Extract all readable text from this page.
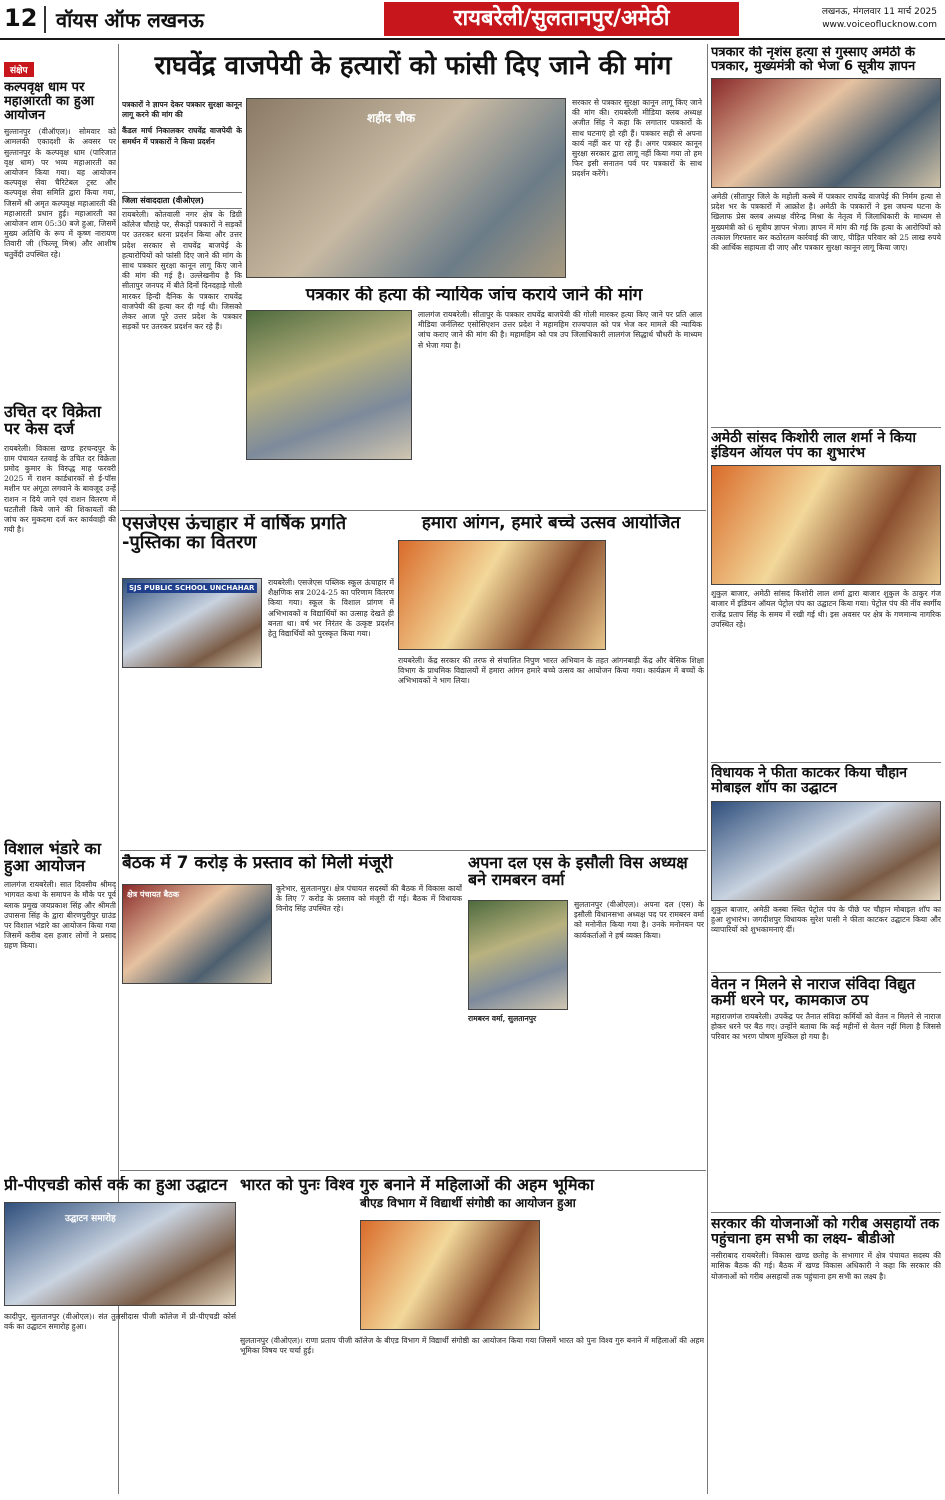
12 वॉयस ऑफ लखनऊ	रायबरेली/सुलतानपुर/अमेठी	लखनऊ, मंगलवार 11 मार्च 2025
www.voiceoflucknow.com
संक्षेप
कल्पवृक्ष धाम पर महाआरती का हुआ आयोजन
सुल्तानपुर (वीऑएल)। सोमवार को आमलकी एकादशी के अवसर पर सुल्तानपुर के कल्पवृक्ष धाम (पारिजात वृक्ष धाम) पर भव्य महाआरती का आयोजन किया गया। यह आयोजन कल्पवृक्ष सेवा चैरिटेबल ट्रस्ट और कल्पवृक्ष सेवा समिति द्वारा किया गया, जिसमें श्री अमृत कल्पवृक्ष महाआरती की महाआरती प्रधान हुई। महाआरती का आयोजन शाम 05:30 बजे हुआ, जिसमें मुख्य अतिथि के रूप में कृष्ण नारायण तिवारी जी (फिल्लू मिश्र) और आशीष चतुर्वेदी उपस्थित रहे।
उचित दर विक्रेता पर केस दर्ज
रायबरेली। विकास खण्ड हरचन्दपुर के ग्राम पंचायत रतवाई के उचित दर विक्रेता प्रमोद कुमार के विरुद्ध माह फरवरी 2025 में राशन कार्डधारकों से ई-पॉस मशीन पर अंगूठा लगवाने के बावजूद उन्हें राशन न दिये जाने एवं राशन वितरण में घटतौली किये जाने की शिकायतों की जांच कर मुकदमा दर्ज कर कार्यवाही की गयी है।
विशाल भंडारे का हुआ आयोजन
लालगंज रायबरेली। सात दिवसीय श्रीमद् भागवत कथा के समापन के मौके पर पूर्व ब्लाक प्रमुख जयप्रकाश सिंह और श्रीमती उपासना सिंह के द्वारा बीरणपुरीपुर ग्राउंड पर विशाल भंडारे का आयोजन किया गया जिसमें करीब दस हजार लोगों ने प्रसाद ग्रहण किया।
राघवेंद्र वाजपेयी के हत्यारों को फांसी दिए जाने की मांग
पत्रकारों ने ज्ञापन देकर पत्रकार सुरक्षा कानून लागू करने की मांग की
कैंडल मार्च निकालकर राघवेंद्र वाजपेयी के समर्थन में पत्रकारों ने किया प्रदर्शन
जिला संवाददाता (वीओएल)
शहीद चौक
रायबरेली। कोतवाली नगर क्षेत्र के डिग्री कॉलेज चौराहे पर, सैकड़ों पत्रकारों ने सड़कों पर उतरकर धरना प्रदर्शन किया और उत्तर प्रदेश सरकार से राघवेंद्र बाजपेई के हत्यारोपियों को फांसी दिए जाने की मांग के साथ पत्रकार सुरक्षा कानून लागू किए जाने की मांग की गई है। उल्लेखनीय है कि सीतापुर जनपद में बीते दिनों दिनदहाड़े गोली मारकर हिन्दी दैनिक के पत्रकार राघवेंद्र वाजपेयी की हत्या कर दी गई थी। जिसको लेकर आज पूरे उत्तर प्रदेश के पत्रकार सड़कों पर उतरकर प्रदर्शन कर रहे हैं।
सरकार से पत्रकार सुरक्षा कानून लागू किए जाने की मांग की। रायबरेली मीडिया क्लब अध्यक्ष अजीत सिंह ने कहा कि लगातार पत्रकारों के साथ घटनाएं हो रही हैं। पत्रकार सही से अपना कार्य नहीं कर पा रहे हैं। अगर पत्रकार कानून सुरक्षा सरकार द्वारा लागू नहीं किया गया तो हम फिर इसी सनातन पर्व पर पत्रकारों के साथ प्रदर्शन करेंगे।
पत्रकार की हत्या की न्यायिक जांच कराये जाने की मांग
लालगंज रायबरेली। सीतापुर के पत्रकार राघवेंद्र बाजपेयी की गोली मारकर हत्या किए जाने पर प्रति आल मीडिया जर्नलिस्ट एसोसिएशन उत्तर प्रदेश ने महामहिम राज्यपाल को पत्र भेज कर मामले की न्यायिक जांच कराए जाने की मांग की है। महामहिम को पत्र उप जिलाधिकारी लालगंज सिद्धार्थ चौधरी के माध्यम से भेजा गया है।
पत्रकार की नृशंस हत्या से गुस्साए अमेठी के पत्रकार, मुख्यमंत्री को भेजा 6 सूत्रीय ज्ञापन
अमेठी (सीतापुर जिले के महोली कस्बे में पत्रकार राघवेंद्र वाजपेई की निर्मम हत्या से प्रदेश भर के पत्रकारों में आक्रोश है। अमेठी के पत्रकारों ने इस जघन्य घटना के खिलाफ प्रेस क्लब अध्यक्ष वीरेन्द्र मिश्रा के नेतृत्व में जिलाधिकारी के माध्यम से मुख्यमंत्री को 6 सूत्रीय ज्ञापन भेजा। ज्ञापन में मांग की गई कि हत्या के आरोपियों को तत्काल गिरफ्तार कर कठोरतम कार्रवाई की जाए, पीड़ित परिवार को 25 लाख रुपये की आर्थिक सहायता दी जाए और पत्रकार सुरक्षा कानून लागू किया जाए।
अमेठी सांसद किशोरी लाल शर्मा ने किया इंडियन ऑयल पंप का शुभारंभ
शुकुल बाजार, अमेठी सांसद किशोरी लाल शर्मा द्वारा बाजार शुकुल के ठाकुर गंज बाजार में इंडियन ऑयल पेट्रोल पंप का उद्घाटन किया गया। पेट्रोल पंप की नींव स्वर्गीय राजेंद्र प्रताप सिंह के समय में रखी गई थी। इस अवसर पर क्षेत्र के गणमान्य नागरिक उपस्थित रहे।
विधायक ने फीता काटकर किया चौहान मोबाइल शॉप का उद्घाटन
शुकुल बाजार, अमेठी कस्बा स्थित पेट्रोल पंप के पीछे पर चौहान मोबाइल शॉप का हुआ शुभारंभ। जगदीशपुर विधायक सुरेश पासी ने फीता काटकर उद्घाटन किया और व्यापारियों को शुभकामनाएं दीं।
वेतन न मिलने से नाराज संविदा विद्युत कर्मी धरने पर, कामकाज ठप
महाराजगंज रायबरेली। उपकेंद्र पर तैनात संविदा कर्मियों को वेतन न मिलने से नाराज होकर धरने पर बैठ गए। उन्होंने बताया कि कई महीनों से वेतन नहीं मिला है जिससे परिवार का भरण पोषण मुश्किल हो गया है।
सरकार की योजनाओं को गरीब असहायों तक पहुंचाना हम सभी का लक्ष्य- बीडीओ
नसीराबाद रायबरेली। विकास खण्ड छतोह के सभागार में क्षेत्र पंचायत सदस्य की मासिक बैठक की गई। बैठक में खण्ड विकास अधिकारी ने कहा कि सरकार की योजनाओं को गरीब असहायों तक पहुंचाना हम सभी का लक्ष्य है।
एसजेएस ऊंचाहार में वार्षिक प्रगति -पुस्तिका का वितरण
SJS PUBLIC SCHOOL UNCHAHAR
रायबरेली। एसजेएस पब्लिक स्कूल ऊंचाहार में शैक्षणिक सत्र 2024-25 का परिणाम वितरण किया गया। स्कूल के विशाल प्रांगण में अभिभावकों व विद्यार्थियों का उत्साह देखते ही बनता था। वर्ष भर निरंतर के उत्कृष्ट प्रदर्शन हेतु विद्यार्थियों को पुरस्कृत किया गया।
हमारा आंगन, हमारे बच्चे उत्सव आयोजित
रायबरेली। केंद्र सरकार की तरफ से संचालित निपुण भारत अभियान के तहत आंगनबाड़ी केंद्र और बेसिक शिक्षा विभाग के प्राथमिक विद्यालयों में हमारा आंगन हमारे बच्चे उत्सव का आयोजन किया गया। कार्यक्रम में बच्चों के अभिभावकों ने भाग लिया।
बैठक में 7 करोड़ के प्रस्ताव को मिली मंजूरी
क्षेत्र पंचायत बैठक
कूरेभार, सुलतानपुर। क्षेत्र पंचायत सदस्यों की बैठक में विकास कार्यों के लिए 7 करोड़ के प्रस्ताव को मंजूरी दी गई। बैठक में विधायक विनोद सिंह उपस्थित रहे।
अपना दल एस के इसौली विस अध्यक्ष बने रामबरन वर्मा
रामबरन वर्मा, सुलतानपुर
सुलतानपुर (वीओएल)। अपना दल (एस) के इसौली विधानसभा अध्यक्ष पद पर रामबरन वर्मा को मनोनीत किया गया है। उनके मनोनयन पर कार्यकर्ताओं ने हर्ष व्यक्त किया।
प्री-पीएचडी कोर्स वर्क का हुआ उद्घाटन
उद्घाटन समारोह
कादीपुर, सुलतानपुर (वीओएल)। संत तुलसीदास पीजी कॉलेज में प्री-पीएचडी कोर्स वर्क का उद्घाटन समारोह हुआ।
भारत को पुनः विश्व गुरु बनाने में महिलाओं की अहम भूमिका
बीएड विभाग में विद्यार्थी संगोष्ठी का आयोजन हुआ
सुलतानपुर (वीओएल)। राणा प्रताप पीजी कॉलेज के बीएड विभाग में विद्यार्थी संगोष्ठी का आयोजन किया गया जिसमें भारत को पुनः विश्व गुरु बनाने में महिलाओं की अहम भूमिका विषय पर चर्चा हुई।
